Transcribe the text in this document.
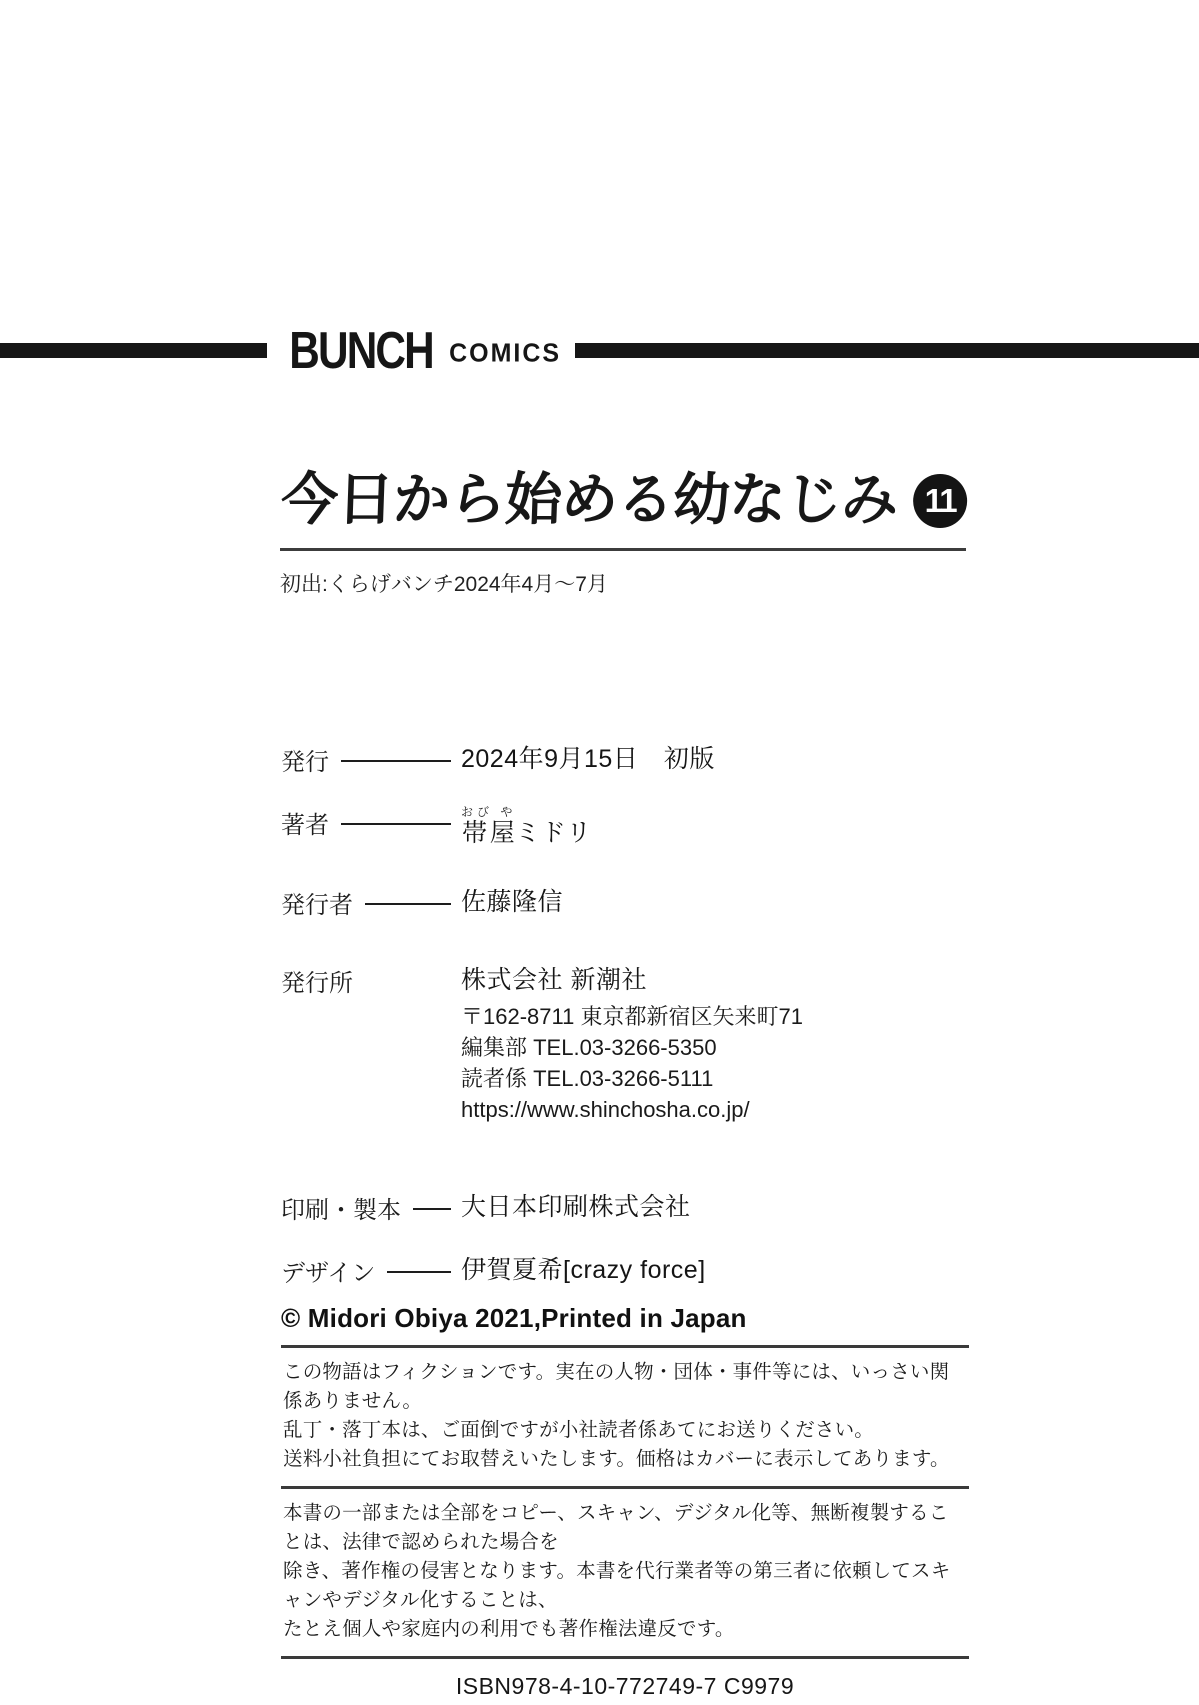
BUNCH COMICS
今日から始める幼なじみ 11
初出:くらげバンチ2024年4月～7月
発行	2024年9月15日　初版
著者	帯屋おび やミドリ
発行者	佐藤隆信
発行所	株式会社 新潮社
〒162-8711 東京都新宿区矢来町71
編集部 TEL.03-3266-5350
読者係 TEL.03-3266-5111
https://www.shinchosha.co.jp/
印刷・製本 大日本印刷株式会社
デザイン	伊賀夏希[crazy force]
© Midori Obiya 2021,Printed in Japan
この物語はフィクションです。実在の人物・団体・事件等には、いっさい関係ありません。
乱丁・落丁本は、ご面倒ですが小社読者係あてにお送りください。
送料小社負担にてお取替えいたします。価格はカバーに表示してあります。
本書の一部または全部をコピー、スキャン、デジタル化等、無断複製することは、法律で認められた場合を
除き、著作権の侵害となります。本書を代行業者等の第三者に依頼してスキャンやデジタル化することは、
たとえ個人や家庭内の利用でも著作権法違反です。
ISBN978-4-10-772749-7 C9979
